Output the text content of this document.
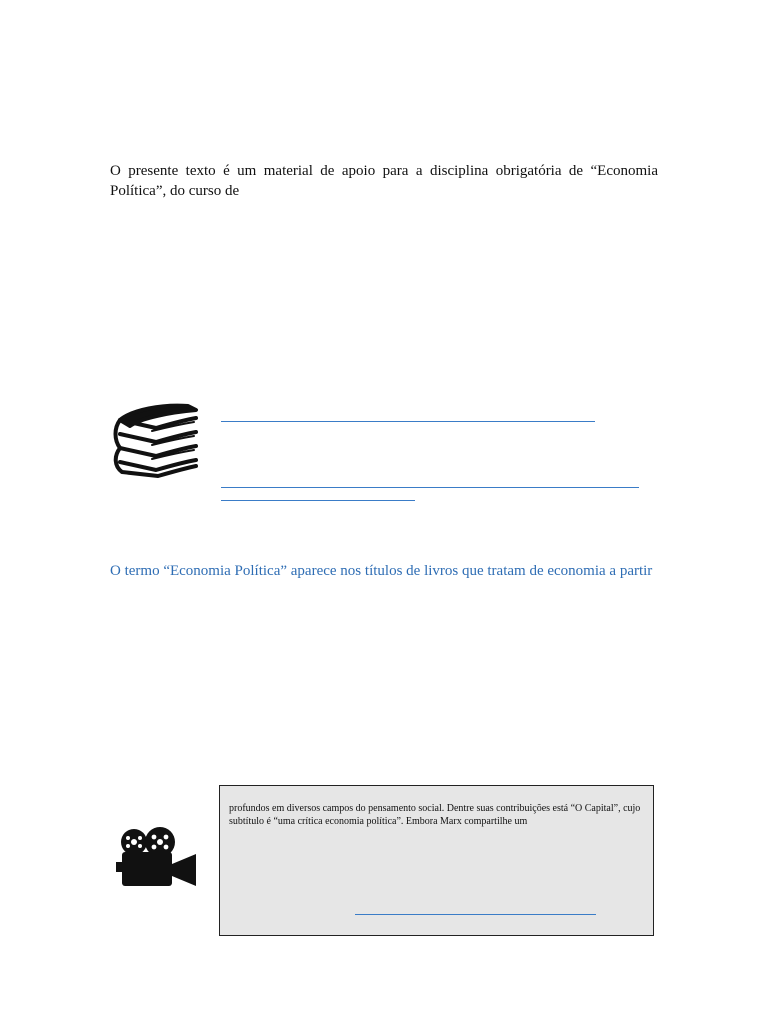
O presente texto é um material de apoio para a disciplina obrigatória de “Economia Política”, do curso de

O termo “Economia Política” aparece nos títulos de livros que tratam de economia a partir

profundos em diversos campos do pensamento social. Dentre suas contribuições está “O Capital”, cujo subtítulo é “uma crítica economia política”. Embora Marx compartilhe um
